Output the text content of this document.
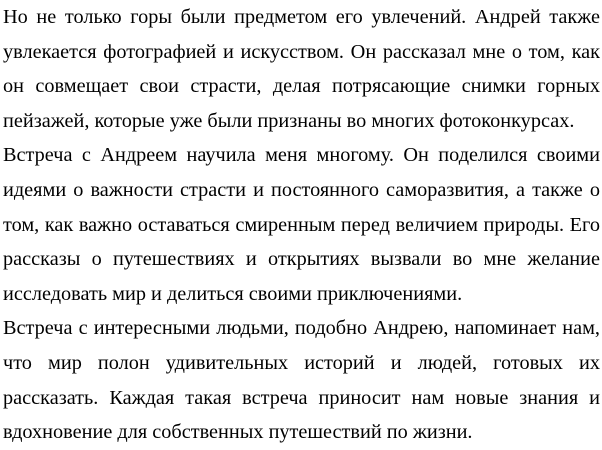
Но не только горы были предметом его увлечений. Андрей также увлекается фотографией и искусством. Он рассказал мне о том, как он совмещает свои страсти, делая потрясающие снимки горных пейзажей, которые уже были признаны во многих фотоконкурсах.

Встреча с Андреем научила меня многому. Он поделился своими идеями о важности страсти и постоянного саморазвития, а также о том, как важно оставаться смиренным перед величием природы. Его рассказы о путешествиях и открытиях вызвали во мне желание исследовать мир и делиться своими приключениями.

Встреча с интересными людьми, подобно Андрею, напоминает нам, что мир полон удивительных историй и людей, готовых их рассказать. Каждая такая встреча приносит нам новые знания и вдохновение для собственных путешествий по жизни.
